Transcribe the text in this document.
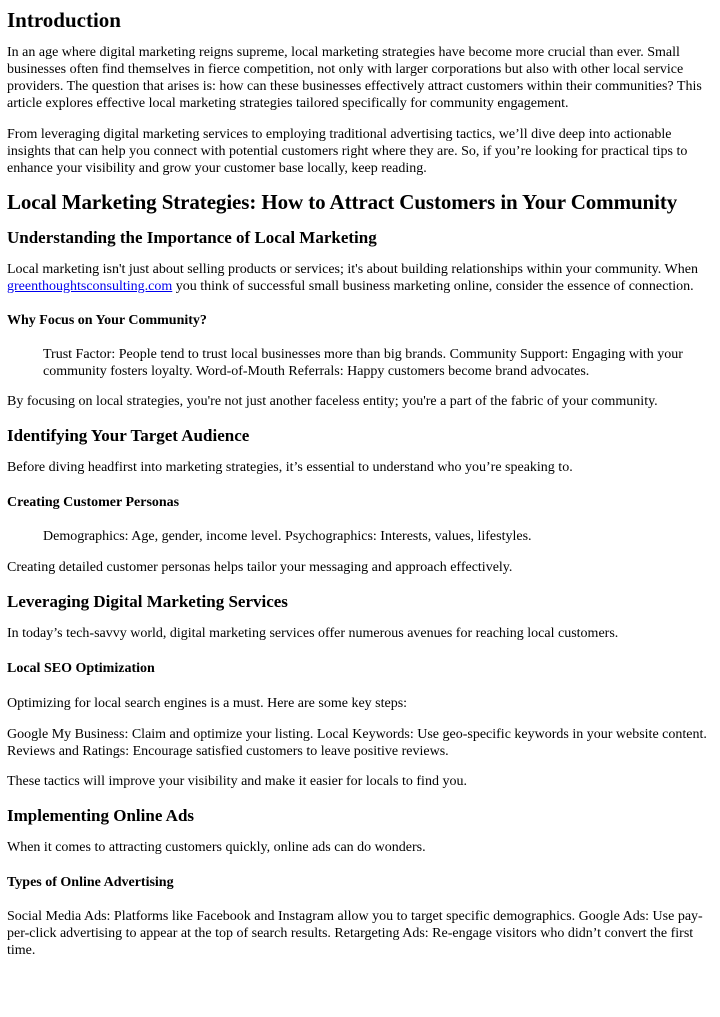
Introduction

In an age where digital marketing reigns supreme, local marketing strategies have become more crucial than ever. Small businesses often find themselves in fierce competition, not only with larger corporations but also with other local service providers. The question that arises is: how can these businesses effectively attract customers within their communities? This article explores effective local marketing strategies tailored specifically for community engagement.

From leveraging digital marketing services to employing traditional advertising tactics, we’ll dive deep into actionable insights that can help you connect with potential customers right where they are. So, if you’re looking for practical tips to enhance your visibility and grow your customer base locally, keep reading.

Local Marketing Strategies: How to Attract Customers in Your Community
Understanding the Importance of Local Marketing

Local marketing isn't just about selling products or services; it's about building relationships within your community. When greenthoughtsconsulting.com you think of successful small business marketing online, consider the essence of connection.

Why Focus on Your Community?

Trust Factor: People tend to trust local businesses more than big brands. Community Support: Engaging with your community fosters loyalty. Word-of-Mouth Referrals: Happy customers become brand advocates.

By focusing on local strategies, you're not just another faceless entity; you're a part of the fabric of your community.

Identifying Your Target Audience

Before diving headfirst into marketing strategies, it’s essential to understand who you’re speaking to.

Creating Customer Personas

Demographics: Age, gender, income level. Psychographics: Interests, values, lifestyles.

Creating detailed customer personas helps tailor your messaging and approach effectively.

Leveraging Digital Marketing Services

In today’s tech-savvy world, digital marketing services offer numerous avenues for reaching local customers.

Local SEO Optimization

Optimizing for local search engines is a must. Here are some key steps:

Google My Business: Claim and optimize your listing. Local Keywords: Use geo-specific keywords in your website content. Reviews and Ratings: Encourage satisfied customers to leave positive reviews.

These tactics will improve your visibility and make it easier for locals to find you.

Implementing Online Ads

When it comes to attracting customers quickly, online ads can do wonders.

Types of Online Advertising

Social Media Ads: Platforms like Facebook and Instagram allow you to target specific demographics. Google Ads: Use pay-per-click advertising to appear at the top of search results. Retargeting Ads: Re-engage visitors who didn’t convert the first time.
